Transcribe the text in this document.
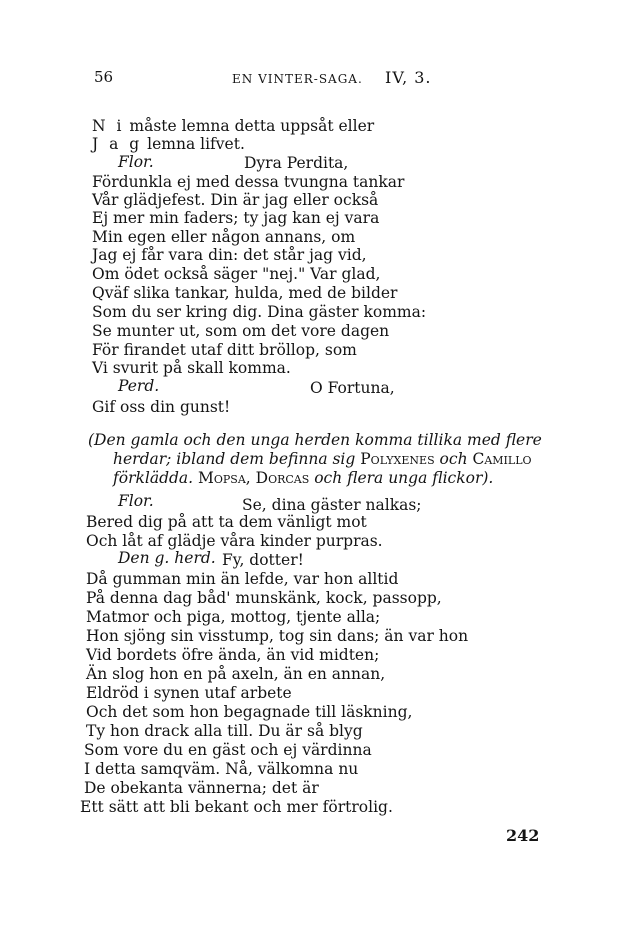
56	EN VINTER-SAGA. IV, 3.
N i måste lemna detta uppsåt eller
J a g lemna lifvet.
Flor.	Dyra Perdita,
Fördunkla ej med dessa tvungna tankar
Vår glädjefest. Din är jag eller också
Ej mer min faders; ty jag kan ej vara
Min egen eller någon annans, om
Jag ej får vara din: det står jag vid,
Om ödet också säger "nej." Var glad,
Qväf slika tankar, hulda, med de bilder
Som du ser kring dig. Dina gäster komma:
Se munter ut, som om det vore dagen
För firandet utaf ditt bröllop, som
Vi svurit på skall komma.
Perd.	O Fortuna,
Gif oss din gunst!
(Den gamla och den unga herden komma tillika med flere
herdar; ibland dem befinna sig Polyxenes och Camillo
förklädda. Mopsa, Dorcas och flera unga flickor).
Flor.	Se, dina gäster nalkas;
Bered dig på att ta dem vänligt mot
Och låt af glädje våra kinder purpras.
Den g. herd. Fy, dotter!
Då gumman min än lefde, var hon alltid
På denna dag båd' munskänk, kock, passopp,
Matmor och piga, mottog, tjente alla;
Hon sjöng sin visstump, tog sin dans; än var hon
Vid bordets öfre ända, än vid midten;
Än slog hon en på axeln, än en annan,
Eldröd i synen utaf arbete
Och det som hon begagnade till läskning,
Ty hon drack alla till. Du är så blyg
Som vore du en gäst och ej värdinna
I detta samqväm. Nå, välkomna nu
De obekanta vännerna; det är
Ett sätt att bli bekant och mer förtrolig.
242
